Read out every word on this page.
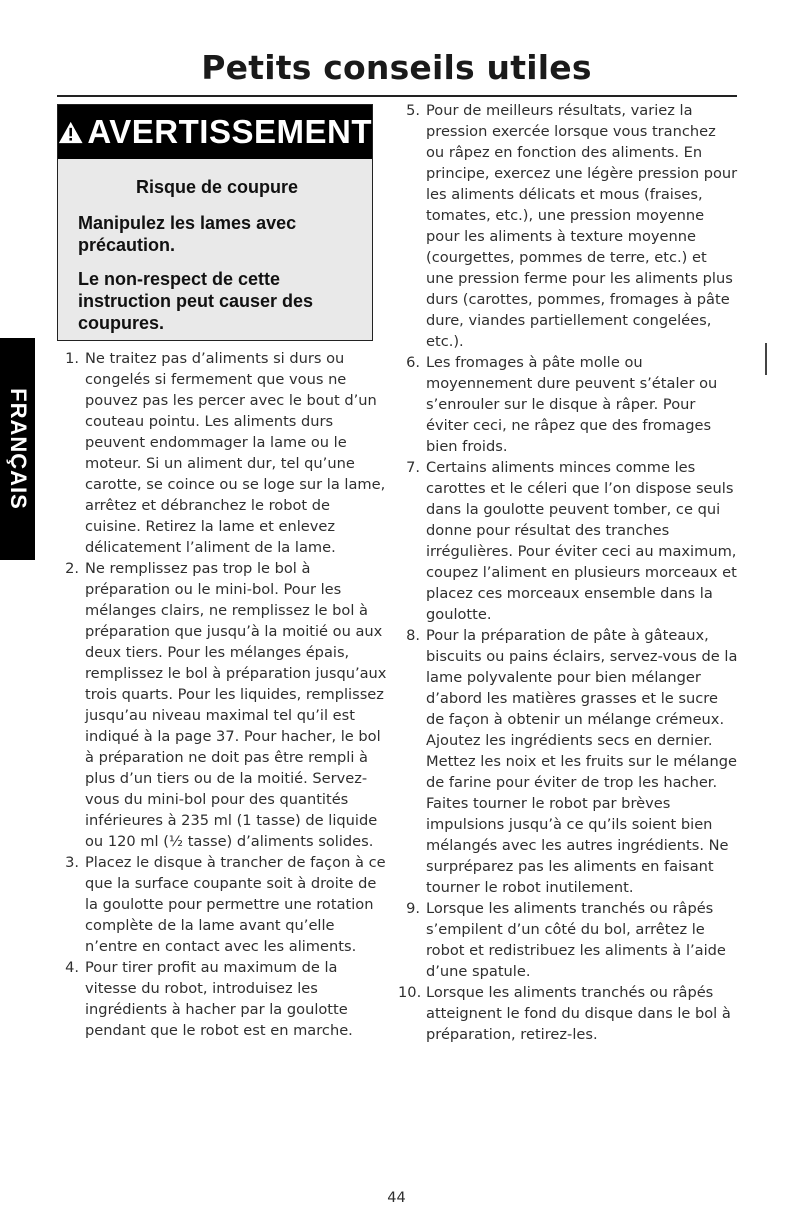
Petits conseils utiles
FRANÇAIS
AVERTISSEMENT

Risque de coupure

Manipulez les lames avec précaution.

Le non-respect de cette instruction peut causer des coupures.

1. Ne traitez pas d’aliments si durs ou congelés si fermement que vous ne pouvez pas les percer avec le bout d’un couteau pointu. Les aliments durs peuvent endommager la lame ou le moteur. Si un aliment dur, tel qu’une carotte, se coince ou se loge sur la lame, arrêtez et débranchez le robot de cuisine. Retirez la lame et enlevez délicatement l’aliment de la lame.

2. Ne remplissez pas trop le bol à préparation ou le mini-bol. Pour les mélanges clairs, ne remplissez le bol à préparation que jusqu’à la moitié ou aux deux tiers. Pour les mélanges épais, remplissez le bol à préparation jusqu’aux trois quarts. Pour les liquides, remplissez jusqu’au niveau maximal tel qu’il est indiqué à la page 37. Pour hacher, le bol à préparation ne doit pas être rempli à plus d’un tiers ou de la moitié. Servez-vous du mini-bol pour des quantités inférieures à 235 ml (1 tasse) de liquide ou 120 ml (½ tasse) d’aliments solides.

3. Placez le disque à trancher de façon à ce que la surface coupante soit à droite de la goulotte pour permettre une rotation complète de la lame avant qu’elle n’entre en contact avec les aliments.

4. Pour tirer profit au maximum de la vitesse du robot, introduisez les ingrédients à hacher par la goulotte pendant que le robot est en marche.

5. Pour de meilleurs résultats, variez la pression exercée lorsque vous tranchez ou râpez en fonction des aliments. En principe, exercez une légère pression pour les aliments délicats et mous (fraises, tomates, etc.), une pression moyenne pour les aliments à texture moyenne (courgettes, pommes de terre, etc.) et une pression ferme pour les aliments plus durs (carottes, pommes, fromages à pâte dure, viandes partiellement congelées, etc.).

6. Les fromages à pâte molle ou moyennement dure peuvent s’étaler ou s’enrouler sur le disque à râper. Pour éviter ceci, ne râpez que des fromages bien froids.

7. Certains aliments minces comme les carottes et le céleri que l’on dispose seuls dans la goulotte peuvent tomber, ce qui donne pour résultat des tranches irrégulières. Pour éviter ceci au maximum, coupez l’aliment en plusieurs morceaux et placez ces morceaux ensemble dans la goulotte.

8. Pour la préparation de pâte à gâteaux, biscuits ou pains éclairs, servez-vous de la lame polyvalente pour bien mélanger d’abord les matières grasses et le sucre de façon à obtenir un mélange crémeux. Ajoutez les ingrédients secs en dernier. Mettez les noix et les fruits sur le mélange de farine pour éviter de trop les hacher. Faites tourner le robot par brèves impulsions jusqu’à ce qu’ils soient bien mélangés avec les autres ingrédients. Ne surpréparez pas les aliments en faisant tourner le robot inutilement.

9. Lorsque les aliments tranchés ou râpés s’empilent d’un côté du bol, arrêtez le robot et redistribuez les aliments à l’aide d’une spatule.

10. Lorsque les aliments tranchés ou râpés atteignent le fond du disque dans le bol à préparation, retirez-les.

44
